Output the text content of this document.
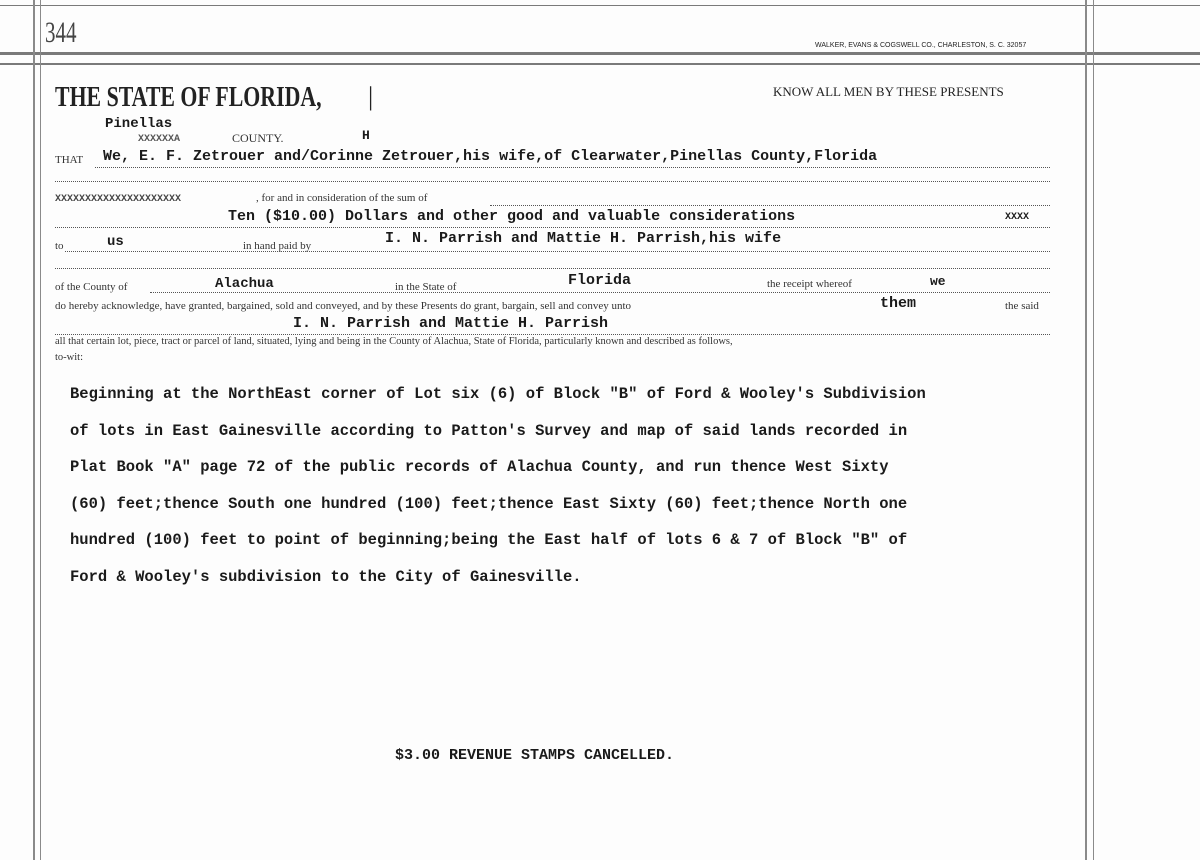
344	WALKER, EVANS & COGSWELL CO., CHARLESTON, S. C. 32057
THE STATE OF FLORIDA, |	KNOW ALL MEN BY THESE PRESENTS
Pinellas
XXXXXXA	COUNTY.	H
THAT We, E. F. Zetrouer and/Corinne Zetrouer,his wife,of Clearwater,Pinellas County,Florida
XXXXXXXXXXXXXXXXXXXXX	, for and in consideration of the sum of
Ten ($10.00) Dollars and other good and valuable considerations	XXXX
to	us	in hand paid by	I. N. Parrish and Mattie H. Parrish,his wife
of the County of	Alachua	in the State of	Florida	the receipt whereof	we
do hereby acknowledge, have granted, bargained, sold and conveyed, and by these Presents do grant, bargain, sell and convey unto	them	the said
I. N. Parrish and Mattie H. Parrish
all that certain lot, piece, tract or parcel of land, situated, lying and being in the County of Alachua, State of Florida, particularly known and described as follows,
to-wit:
Beginning at the NorthEast corner of Lot six (6) of Block "B" of Ford & Wooley's Subdivision
of lots in East Gainesville according to Patton's Survey and map of said lands recorded in
Plat Book "A" page 72 of the public records of Alachua County, and run thence West Sixty
(60) feet;thence South one hundred (100) feet;thence East Sixty (60) feet;thence North one
hundred (100) feet to point of beginning;being the East half of lots 6 & 7 of Block "B" of
Ford & Wooley's subdivision to the City of Gainesville.
$3.00 REVENUE STAMPS CANCELLED.
